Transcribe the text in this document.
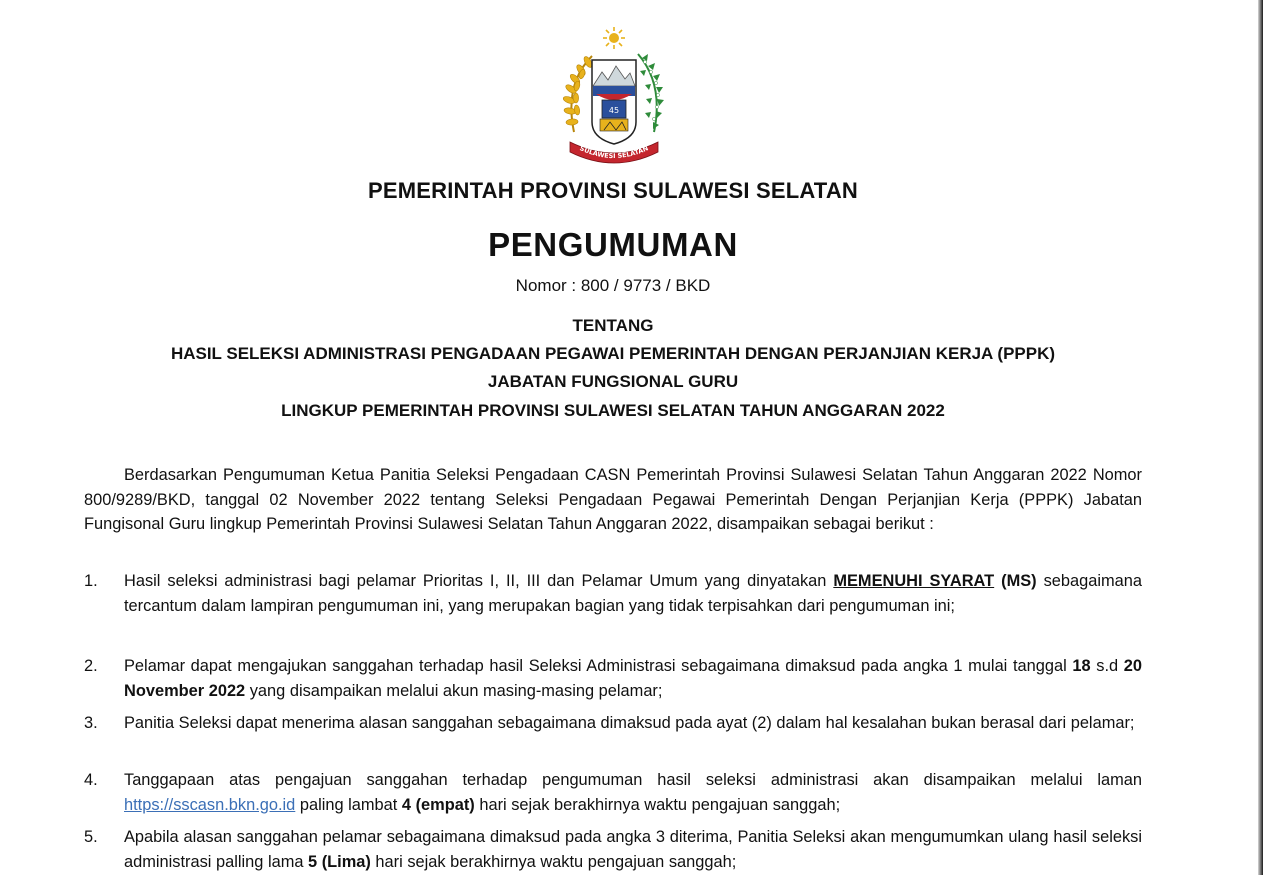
45
SULAWESI SELATAN
PEMERINTAH PROVINSI SULAWESI SELATAN
PENGUMUMAN
Nomor : 800 / 9773 / BKD
TENTANG
HASIL SELEKSI ADMINISTRASI PENGADAAN PEGAWAI PEMERINTAH DENGAN PERJANJIAN KERJA (PPPK)
JABATAN FUNGSIONAL GURU
LINGKUP PEMERINTAH PROVINSI SULAWESI SELATAN TAHUN ANGGARAN 2022

Berdasarkan Pengumuman Ketua Panitia Seleksi Pengadaan CASN Pemerintah Provinsi Sulawesi Selatan Tahun Anggaran 2022 Nomor 800/9289/BKD, tanggal 02 November 2022 tentang Seleksi Pengadaan Pegawai Pemerintah Dengan Perjanjian Kerja (PPPK) Jabatan Fungisonal Guru lingkup Pemerintah Provinsi Sulawesi Selatan Tahun Anggaran 2022, disampaikan sebagai berikut :

1. Hasil seleksi administrasi bagi pelamar Prioritas I, II, III dan Pelamar Umum yang dinyatakan MEMENUHI SYARAT (MS) sebagaimana tercantum dalam lampiran pengumuman ini, yang merupakan bagian yang tidak terpisahkan dari pengumuman ini;
2. Pelamar dapat mengajukan sanggahan terhadap hasil Seleksi Administrasi sebagaimana dimaksud pada angka 1 mulai tanggal 18 s.d 20 November 2022 yang disampaikan melalui akun masing-masing pelamar;
3. Panitia Seleksi dapat menerima alasan sanggahan sebagaimana dimaksud pada ayat (2) dalam hal kesalahan bukan berasal dari pelamar;
4. Tanggapaan atas pengajuan sanggahan terhadap pengumuman hasil seleksi administrasi akan disampaikan melalui laman https://sscasn.bkn.go.id paling lambat 4 (empat) hari sejak berakhirnya waktu pengajuan sanggah;
5. Apabila alasan sanggahan pelamar sebagaimana dimaksud pada angka 3 diterima, Panitia Seleksi akan mengumumkan ulang hasil seleksi administrasi palling lama 5 (Lima) hari sejak berakhirnya waktu pengajuan sanggah;
